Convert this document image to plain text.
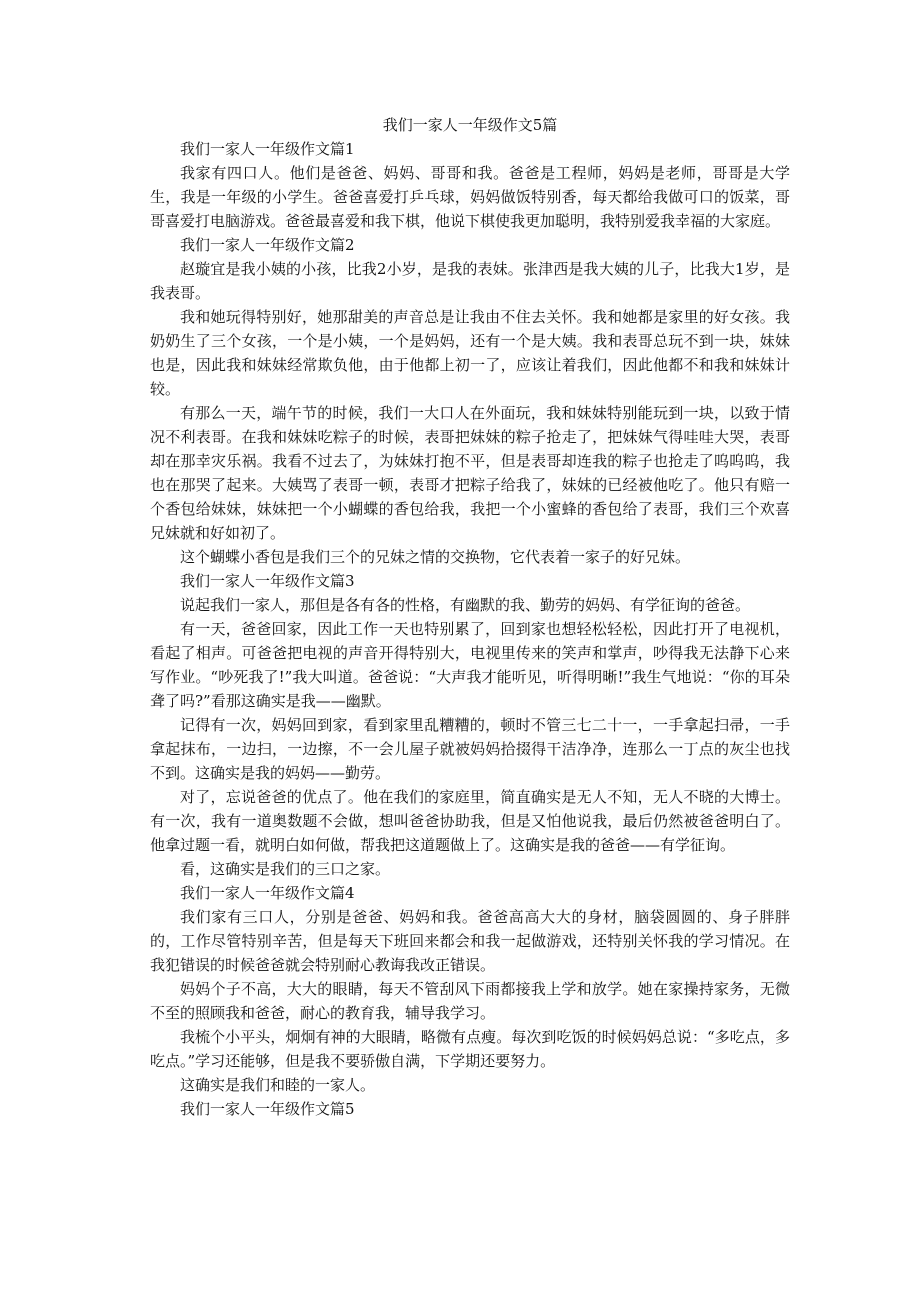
我们一家人一年级作文5篇

我们一家人一年级作文篇1

我家有四口人。他们是爸爸、妈妈、哥哥和我。爸爸是工程师，妈妈是老师，哥哥是大学生，我是一年级的小学生。爸爸喜爱打乒乓球，妈妈做饭特别香，每天都给我做可口的饭菜，哥哥喜爱打电脑游戏。爸爸最喜爱和我下棋，他说下棋使我更加聪明，我特别爱我幸福的大家庭。

我们一家人一年级作文篇2

赵璇宜是我小姨的小孩，比我2小岁，是我的表妹。张津西是我大姨的儿子，比我大1岁，是我表哥。

我和她玩得特别好，她那甜美的声音总是让我由不住去关怀。我和她都是家里的好女孩。我奶奶生了三个女孩，一个是小姨，一个是妈妈，还有一个是大姨。我和表哥总玩不到一块，妹妹也是，因此我和妹妹经常欺负他，由于他都上初一了，应该让着我们，因此他都不和我和妹妹计较。

有那么一天，端午节的时候，我们一大口人在外面玩，我和妹妹特别能玩到一块，以致于情况不利表哥。在我和妹妹吃粽子的时候，表哥把妹妹的粽子抢走了，把妹妹气得哇哇大哭，表哥却在那幸灾乐祸。我看不过去了，为妹妹打抱不平，但是表哥却连我的粽子也抢走了呜呜呜，我也在那哭了起来。大姨骂了表哥一顿，表哥才把粽子给我了，妹妹的已经被他吃了。他只有赔一个香包给妹妹，妹妹把一个小蝴蝶的香包给我，我把一个小蜜蜂的香包给了表哥，我们三个欢喜兄妹就和好如初了。

这个蝴蝶小香包是我们三个的兄妹之情的交换物，它代表着一家子的好兄妹。

我们一家人一年级作文篇3

说起我们一家人，那但是各有各的性格，有幽默的我、勤劳的妈妈、有学征询的爸爸。

有一天，爸爸回家，因此工作一天也特别累了，回到家也想轻松轻松，因此打开了电视机，看起了相声。可爸爸把电视的声音开得特别大，电视里传来的笑声和掌声，吵得我无法静下心来写作业。“吵死我了!”我大叫道。爸爸说：“大声我才能听见，听得明晰!”我生气地说：“你的耳朵聋了吗?”看那这确实是我——幽默。

记得有一次，妈妈回到家，看到家里乱糟糟的，顿时不管三七二十一，一手拿起扫帚，一手拿起抹布，一边扫，一边擦，不一会儿屋子就被妈妈拾掇得干洁净净，连那么一丁点的灰尘也找不到。这确实是我的妈妈——勤劳。

对了，忘说爸爸的优点了。他在我们的家庭里，简直确实是无人不知，无人不晓的大博士。有一次，我有一道奥数题不会做，想叫爸爸协助我，但是又怕他说我，最后仍然被爸爸明白了。他拿过题一看，就明白如何做，帮我把这道题做上了。这确实是我的爸爸——有学征询。

看，这确实是我们的三口之家。

我们一家人一年级作文篇4

我们家有三口人，分别是爸爸、妈妈和我。爸爸高高大大的身材，脑袋圆圆的、身子胖胖的，工作尽管特别辛苦，但是每天下班回来都会和我一起做游戏，还特别关怀我的学习情况。在我犯错误的时候爸爸就会特别耐心教诲我改正错误。

妈妈个子不高，大大的眼睛，每天不管刮风下雨都接我上学和放学。她在家操持家务，无微不至的照顾我和爸爸，耐心的教育我，辅导我学习。

我梳个小平头，炯炯有神的大眼睛，略微有点瘦。每次到吃饭的时候妈妈总说：“多吃点，多吃点。”学习还能够，但是我不要骄傲自满，下学期还要努力。

这确实是我们和睦的一家人。

我们一家人一年级作文篇5
